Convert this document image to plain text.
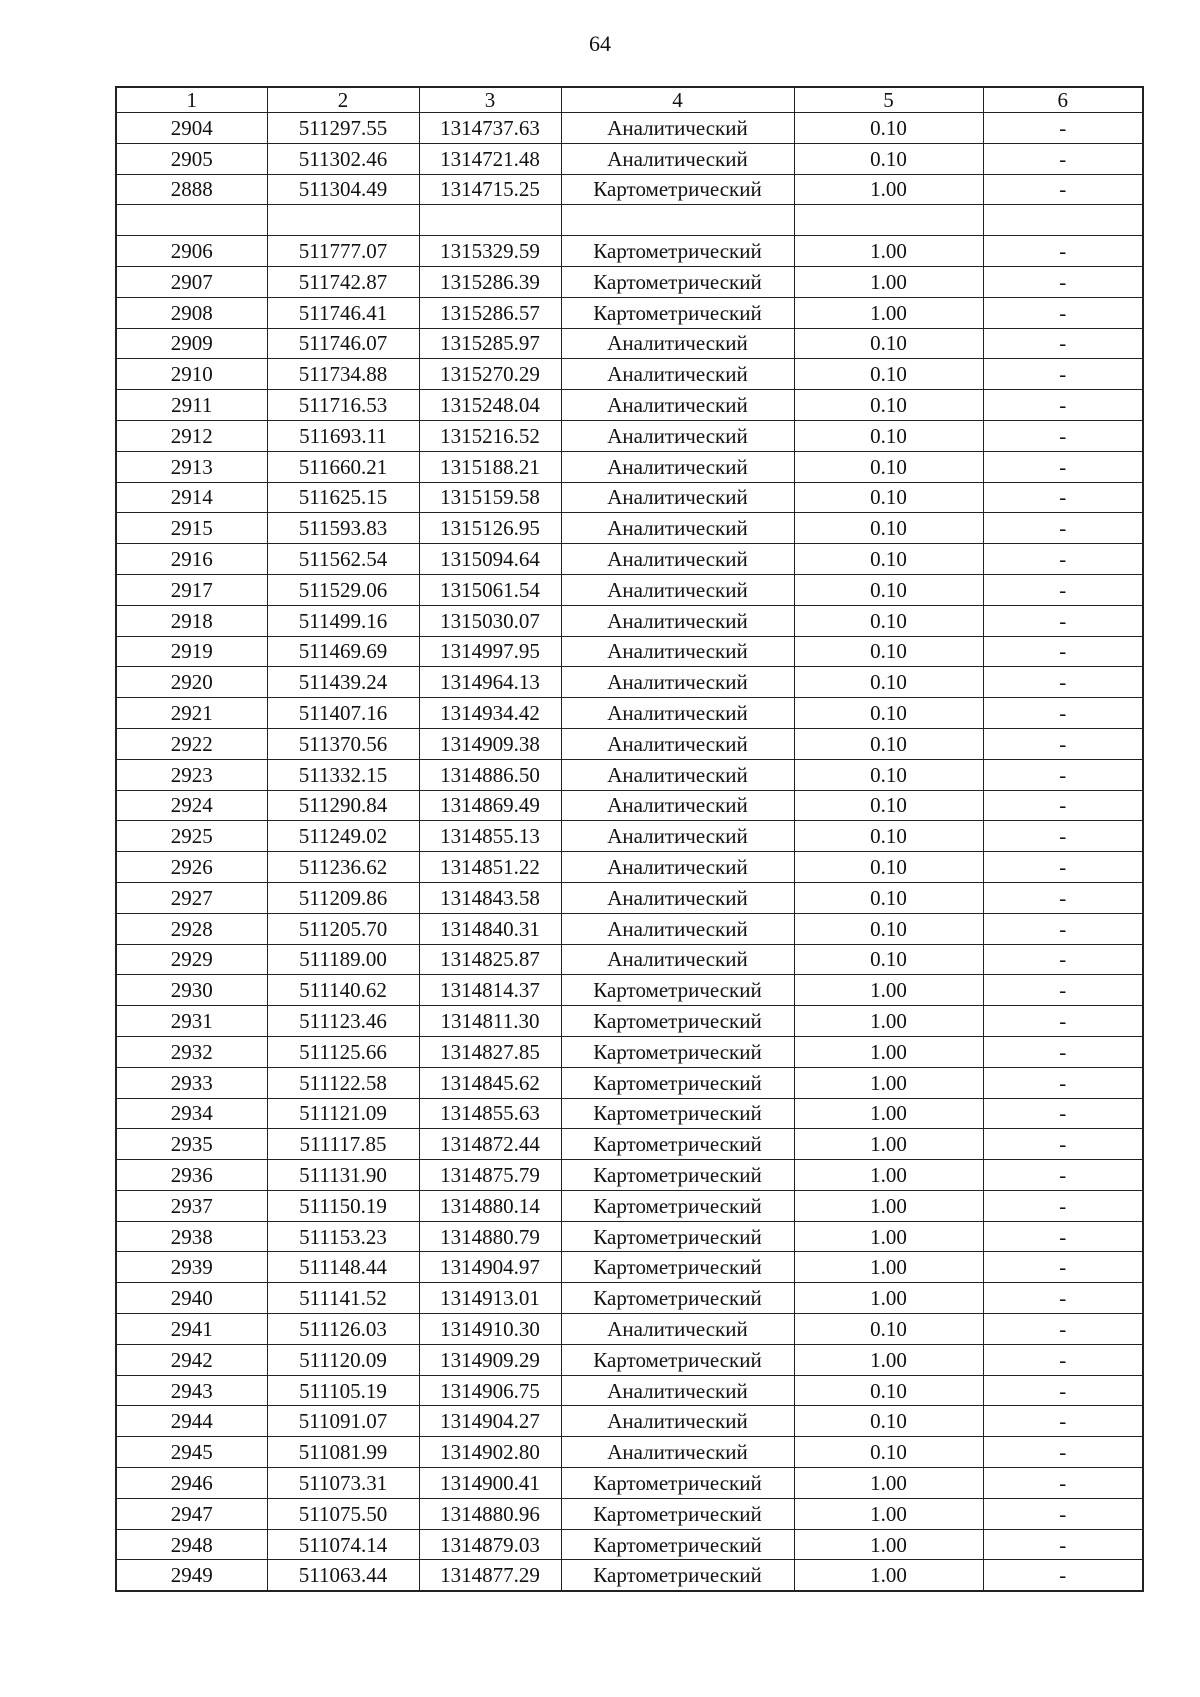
64
1	2	3	4	5	6
2904	511297.55	1314737.63	Аналитический	0.10	-
2905	511302.46	1314721.48	Аналитический	0.10	-
2888	511304.49	1314715.25	Картометрический	1.00	-

2906	511777.07	1315329.59	Картометрический	1.00	-
2907	511742.87	1315286.39	Картометрический	1.00	-
2908	511746.41	1315286.57	Картометрический	1.00	-
2909	511746.07	1315285.97	Аналитический	0.10	-
2910	511734.88	1315270.29	Аналитический	0.10	-
2911	511716.53	1315248.04	Аналитический	0.10	-
2912	511693.11	1315216.52	Аналитический	0.10	-
2913	511660.21	1315188.21	Аналитический	0.10	-
2914	511625.15	1315159.58	Аналитический	0.10	-
2915	511593.83	1315126.95	Аналитический	0.10	-
2916	511562.54	1315094.64	Аналитический	0.10	-
2917	511529.06	1315061.54	Аналитический	0.10	-
2918	511499.16	1315030.07	Аналитический	0.10	-
2919	511469.69	1314997.95	Аналитический	0.10	-
2920	511439.24	1314964.13	Аналитический	0.10	-
2921	511407.16	1314934.42	Аналитический	0.10	-
2922	511370.56	1314909.38	Аналитический	0.10	-
2923	511332.15	1314886.50	Аналитический	0.10	-
2924	511290.84	1314869.49	Аналитический	0.10	-
2925	511249.02	1314855.13	Аналитический	0.10	-
2926	511236.62	1314851.22	Аналитический	0.10	-
2927	511209.86	1314843.58	Аналитический	0.10	-
2928	511205.70	1314840.31	Аналитический	0.10	-
2929	511189.00	1314825.87	Аналитический	0.10	-
2930	511140.62	1314814.37	Картометрический	1.00	-
2931	511123.46	1314811.30	Картометрический	1.00	-
2932	511125.66	1314827.85	Картометрический	1.00	-
2933	511122.58	1314845.62	Картометрический	1.00	-
2934	511121.09	1314855.63	Картометрический	1.00	-
2935	511117.85	1314872.44	Картометрический	1.00	-
2936	511131.90	1314875.79	Картометрический	1.00	-
2937	511150.19	1314880.14	Картометрический	1.00	-
2938	511153.23	1314880.79	Картометрический	1.00	-
2939	511148.44	1314904.97	Картометрический	1.00	-
2940	511141.52	1314913.01	Картометрический	1.00	-
2941	511126.03	1314910.30	Аналитический	0.10	-
2942	511120.09	1314909.29	Картометрический	1.00	-
2943	511105.19	1314906.75	Аналитический	0.10	-
2944	511091.07	1314904.27	Аналитический	0.10	-
2945	511081.99	1314902.80	Аналитический	0.10	-
2946	511073.31	1314900.41	Картометрический	1.00	-
2947	511075.50	1314880.96	Картометрический	1.00	-
2948	511074.14	1314879.03	Картометрический	1.00	-
2949	511063.44	1314877.29	Картометрический	1.00	-
